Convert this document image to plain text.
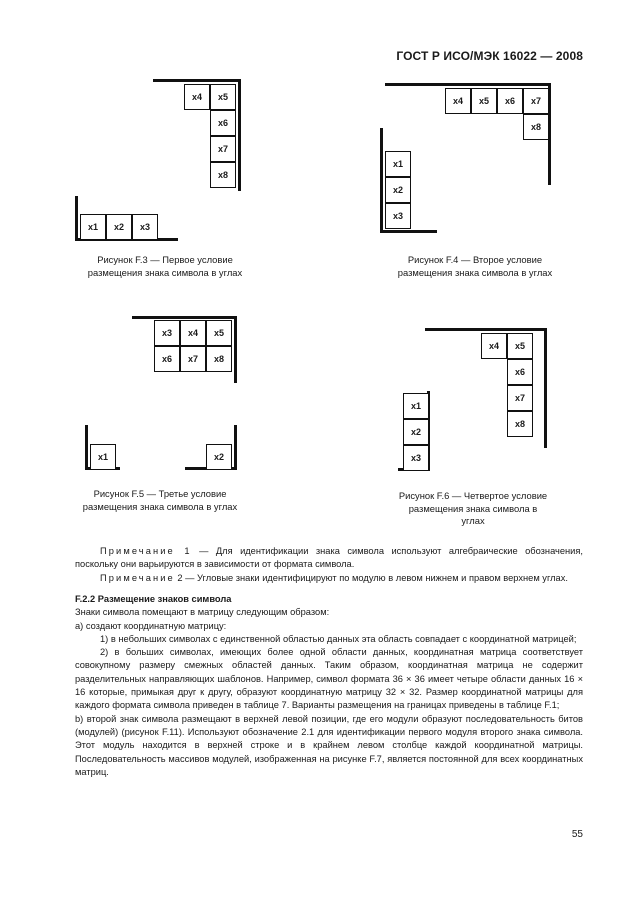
ГОСТ Р ИСО/МЭК 16022 — 2008
x4	x5
x6
x7
x8
x1	x2	x3
Рисунок F.3 — Первое условие размещения знака символа в углах
x4	x5	x6	x7
x8
x1
x2
x3
Рисунок F.4 — Второе условие размещения знака символа в углах
x3	x4	x5
x6	x7	x8
x1	x2
Рисунок F.5 — Третье условие размещения знака символа в углах
x4	x5
x6
x7
x8
x1
x2
x3
Рисунок F.6 — Четвертое условие размещения знака символа в углах

Примечание 1 — Для идентификации знака символа используют алгебраические обозначения, поскольку они варьируются в зависимости от формата символа.

Примечание 2 — Угловые знаки идентифицируют по модулю в левом нижнем и правом верхнем углах.

F.2.2 Размещение знаков символа

Знаки символа помещают в матрицу следующим образом:

а) создают координатную матрицу:

1) в небольших символах с единственной областью данных эта область совпадает с координатной матрицей;

2) в больших символах, имеющих более одной области данных, координатная матрица соответствует совокупному размеру смежных областей данных. Таким образом, координатная матрица не содержит разделительных направляющих шаблонов. Например, символ формата 36 × 36 имеет четыре области данных 16 × 16 которые, примыкая друг к другу, образуют координатную матрицу 32 × 32. Размер координатной матрицы для каждого формата символа приведен в таблице 7. Варианты размещения на границах приведены в таблице F.1;

b) второй знак символа размещают в верхней левой позиции, где его модули образуют последовательность битов (модулей) (рисунок F.11). Используют обозначение 2.1 для идентификации первого модуля второго знака символа. Этот модуль находится в верхней строке и в крайнем левом столбце каждой координатной матрицы. Последовательность массивов модулей, изображенная на рисунке F.7, является постоянной для всех координатных матриц.

55
